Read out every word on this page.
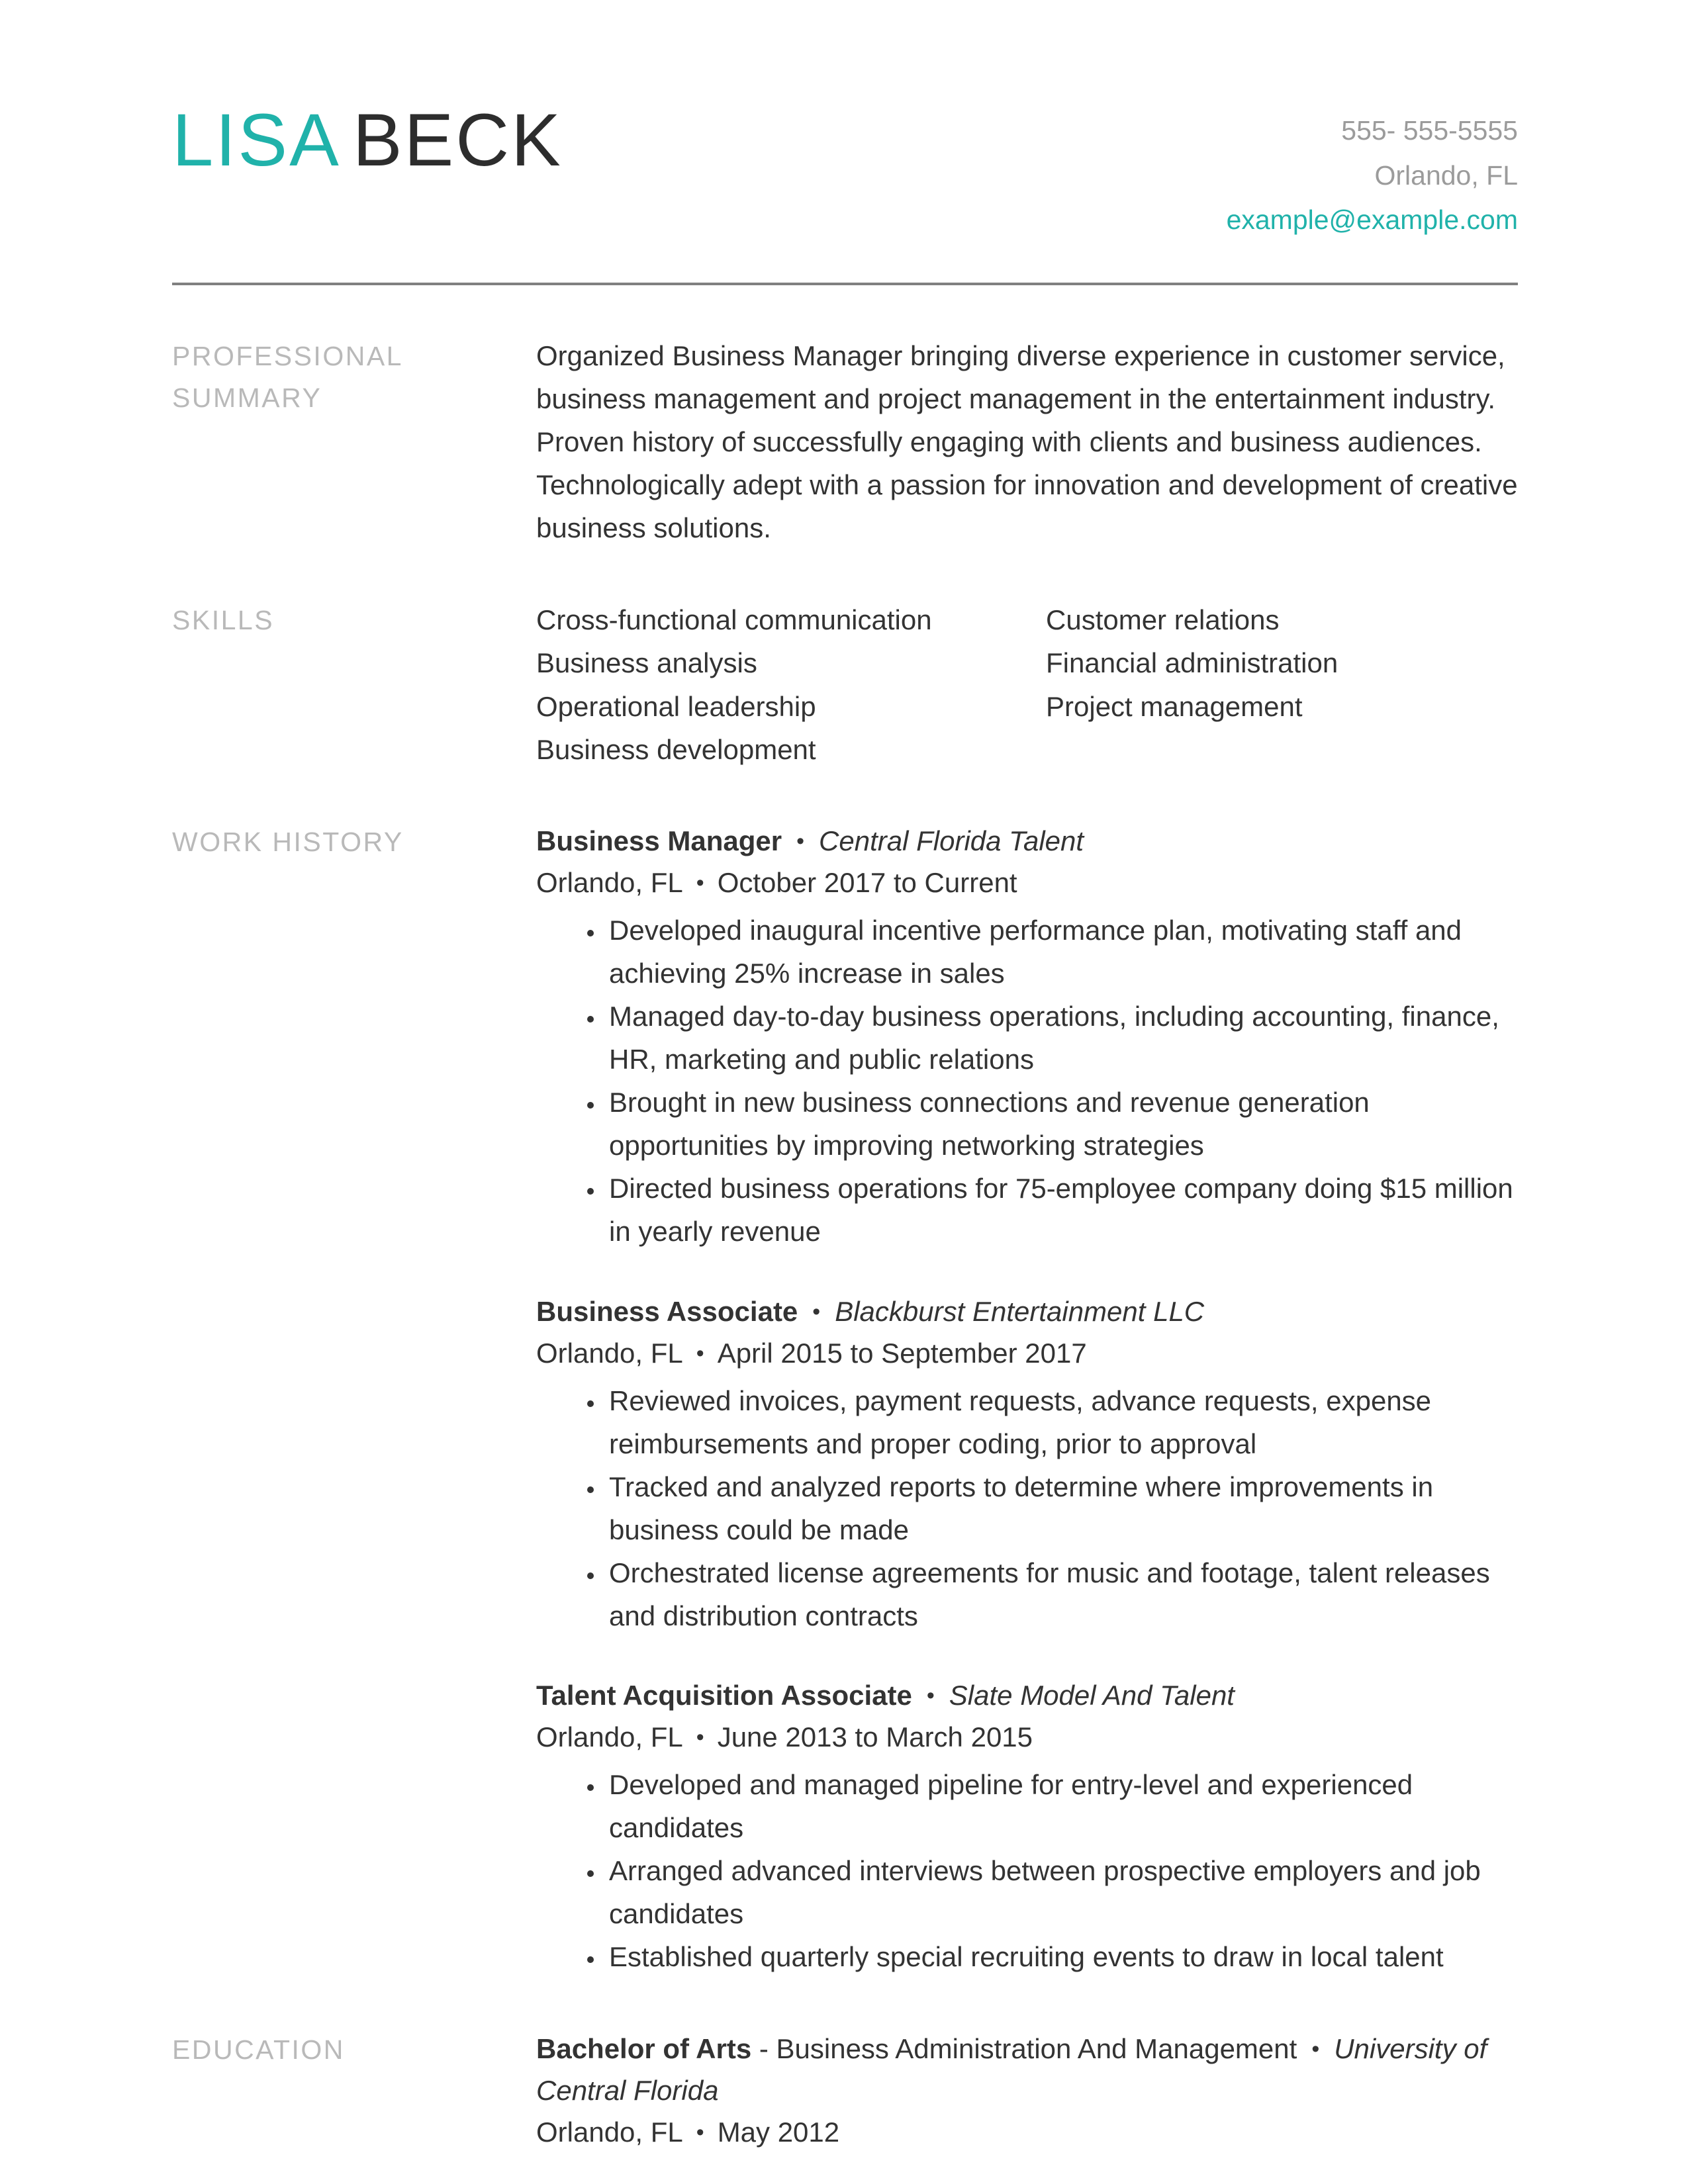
LISA BECK	555- 555-5555
Orlando, FL
example@example.com
PROFESSIONAL SUMMARY
Organized Business Manager bringing diverse experience in customer service, business management and project management in the entertainment industry. Proven history of successfully engaging with clients and business audiences. Technologically adept with a passion for innovation and development of creative business solutions.
SKILLS	Cross-functional communication
Business analysis
Operational leadership
Business development
Customer relations
Financial administration
Project management
WORK HISTORY	Business Manager • Central Florida Talent
Orlando, FL • October 2017 to Current
• Developed inaugural incentive performance plan, motivating staff and achieving 25% increase in sales
• Managed day-to-day business operations, including accounting, finance, HR, marketing and public relations
• Brought in new business connections and revenue generation opportunities by improving networking strategies
• Directed business operations for 75-employee company doing $15 million in yearly revenue
Business Associate • Blackburst Entertainment LLC
Orlando, FL • April 2015 to September 2017
• Reviewed invoices, payment requests, advance requests, expense reimbursements and proper coding, prior to approval
• Tracked and analyzed reports to determine where improvements in business could be made
• Orchestrated license agreements for music and footage, talent releases and distribution contracts
Talent Acquisition Associate • Slate Model And Talent
Orlando, FL • June 2013 to March 2015
• Developed and managed pipeline for entry-level and experienced candidates
• Arranged advanced interviews between prospective employers and job candidates
• Established quarterly special recruiting events to draw in local talent
EDUCATION	Bachelor of Arts - Business Administration And Management • University of Central Florida
Orlando, FL • May 2012
